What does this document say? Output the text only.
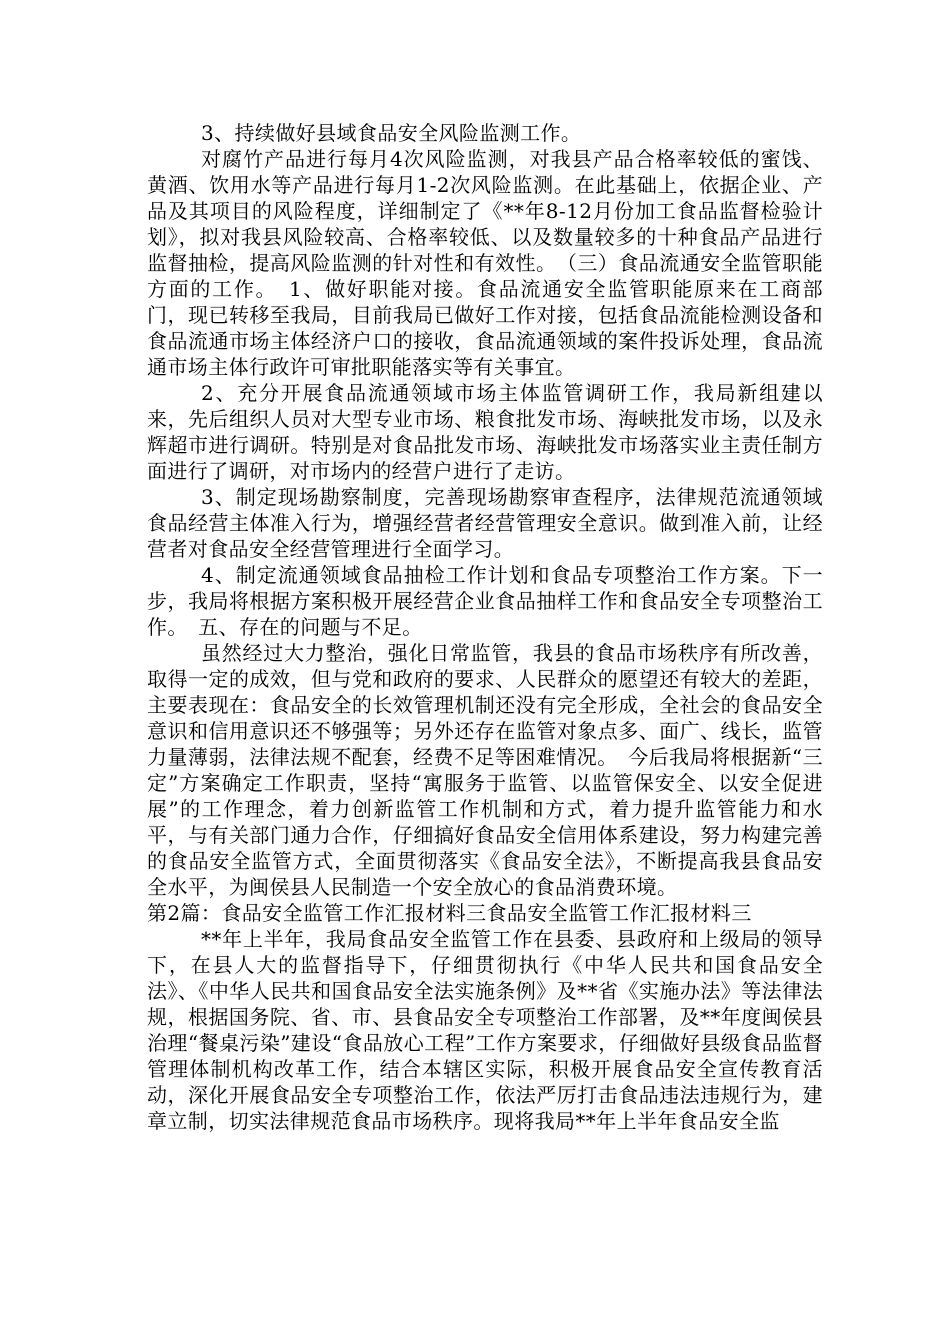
3、持续做好县域食品安全风险监测工作。

对腐竹产品进行每月4次风险监测，对我县产品合格率较低的蜜饯、黄酒、饮用水等产品进行每月1-2次风险监测。在此基础上，依据企业、产品及其项目的风险程度，详细制定了《**年8-12月份加工食品监督检验计划》，拟对我县风险较高、合格率较低、以及数量较多的十种食品产品进行监督抽检，提高风险监测的针对性和有效性。　（三）食品流通安全监管职能方面的工作。　1、做好职能对接。食品流通安全监管职能原来在工商部门，现已转移至我局，目前我局已做好工作对接，包括食品流能检测设备和食品流通市场主体经济户口的接收，食品流通领域的案件投诉处理，食品流通市场主体行政许可审批职能落实等有关事宜。

2、充分开展食品流通领域市场主体监管调研工作，我局新组建以来，先后组织人员对大型专业市场、粮食批发市场、海峡批发市场，以及永辉超市进行调研。特别是对食品批发市场、海峡批发市场落实业主责任制方面进行了调研，对市场内的经营户进行了走访。

3、制定现场勘察制度，完善现场勘察审查程序，法律规范流通领域食品经营主体准入行为，增强经营者经营管理安全意识。做到准入前，让经营者对食品安全经营管理进行全面学习。

4、制定流通领域食品抽检工作计划和食品专项整治工作方案。下一步，我局将根据方案积极开展经营企业食品抽样工作和食品安全专项整治工作。　五、存在的问题与不足。

虽然经过大力整治，强化日常监管，我县的食品市场秩序有所改善，取得一定的成效，但与党和政府的要求、人民群众的愿望还有较大的差距，主要表现在：食品安全的长效管理机制还没有完全形成，全社会的食品安全意识和信用意识还不够强等；另外还存在监管对象点多、面广、线长，监管力量薄弱，法律法规不配套，经费不足等困难情况。　今后我局将根据新“三定”方案确定工作职责，坚持“寓服务于监管、以监管保安全、以安全促进展”的工作理念，着力创新监管工作机制和方式，着力提升监管能力和水平，与有关部门通力合作，仔细搞好食品安全信用体系建设，努力构建完善的食品安全监管方式，全面贯彻落实《食品安全法》，不断提高我县食品安全水平，为闽侯县人民制造一个安全放心的食品消费环境。

第2篇：食品安全监管工作汇报材料三食品安全监管工作汇报材料三

**年上半年，我局食品安全监管工作在县委、县政府和上级局的领导下，在县人大的监督指导下，仔细贯彻执行《中华人民共和国食品安全法》、《中华人民共和国食品安全法实施条例》及**省《实施办法》等法律法规，根据国务院、省、市、县食品安全专项整治工作部署，及**年度闽侯县治理“餐桌污染”建设“食品放心工程”工作方案要求，仔细做好县级食品监督管理体制机构改革工作，结合本辖区实际，积极开展食品安全宣传教育活动，深化开展食品安全专项整治工作，依法严厉打击食品违法违规行为，建章立制，切实法律规范食品市场秩序。现将我局**年上半年食品安全监
